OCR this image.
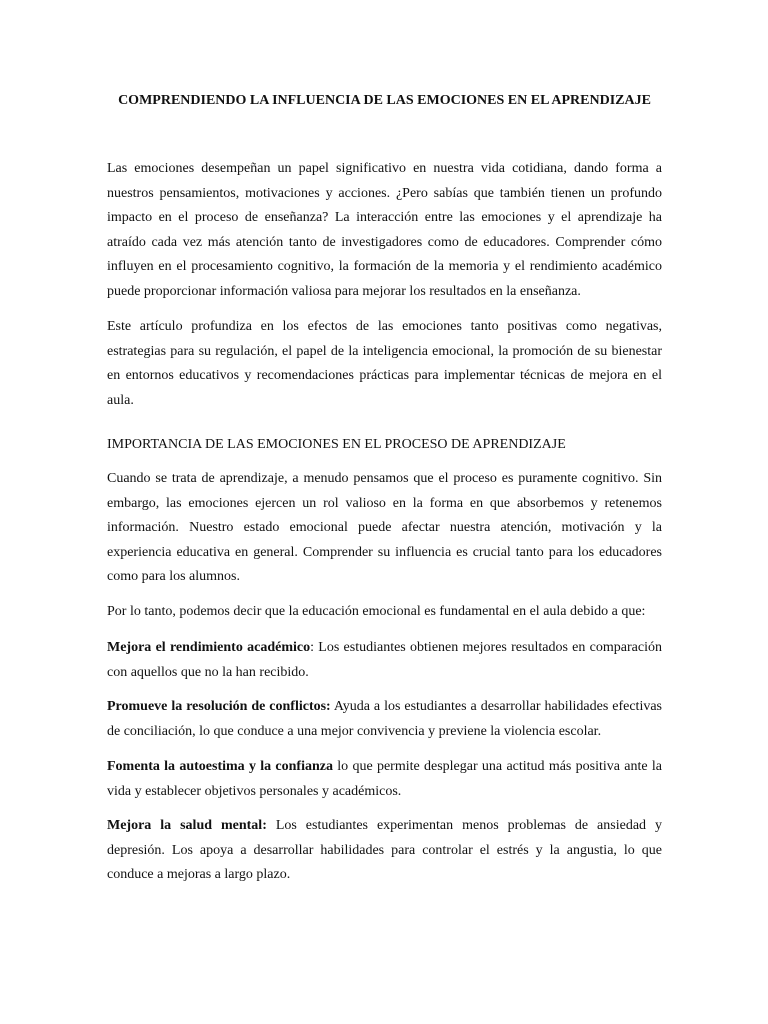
COMPRENDIENDO LA INFLUENCIA DE LAS EMOCIONES EN EL APRENDIZAJE

Las emociones desempeñan un papel significativo en nuestra vida cotidiana, dando forma a nuestros pensamientos, motivaciones y acciones. ¿Pero sabías que también tienen un profundo impacto en el proceso de enseñanza? La interacción entre las emociones y el aprendizaje ha atraído cada vez más atención tanto de investigadores como de educadores. Comprender cómo influyen en el procesamiento cognitivo, la formación de la memoria y el rendimiento académico puede proporcionar información valiosa para mejorar los resultados en la enseñanza.

Este artículo profundiza en los efectos de las emociones tanto positivas como negativas, estrategias para su regulación, el papel de la inteligencia emocional, la promoción de su bienestar en entornos educativos y recomendaciones prácticas para implementar técnicas de mejora en el aula.

IMPORTANCIA DE LAS EMOCIONES EN EL PROCESO DE APRENDIZAJE

Cuando se trata de aprendizaje, a menudo pensamos que el proceso es puramente cognitivo. Sin embargo, las emociones ejercen un rol valioso en la forma en que absorbemos y retenemos información. Nuestro estado emocional puede afectar nuestra atención, motivación y la experiencia educativa en general. Comprender su influencia es crucial tanto para los educadores como para los alumnos.

Por lo tanto, podemos decir que la educación emocional es fundamental en el aula debido a que:

Mejora el rendimiento académico: Los estudiantes obtienen mejores resultados en comparación con aquellos que no la han recibido.

Promueve la resolución de conflictos: Ayuda a los estudiantes a desarrollar habilidades efectivas de conciliación, lo que conduce a una mejor convivencia y previene la violencia escolar.

Fomenta la autoestima y la confianza lo que permite desplegar una actitud más positiva ante la vida y establecer objetivos personales y académicos.

Mejora la salud mental: Los estudiantes experimentan menos problemas de ansiedad y depresión. Los apoya a desarrollar habilidades para controlar el estrés y la angustia, lo que conduce a mejoras a largo plazo.
